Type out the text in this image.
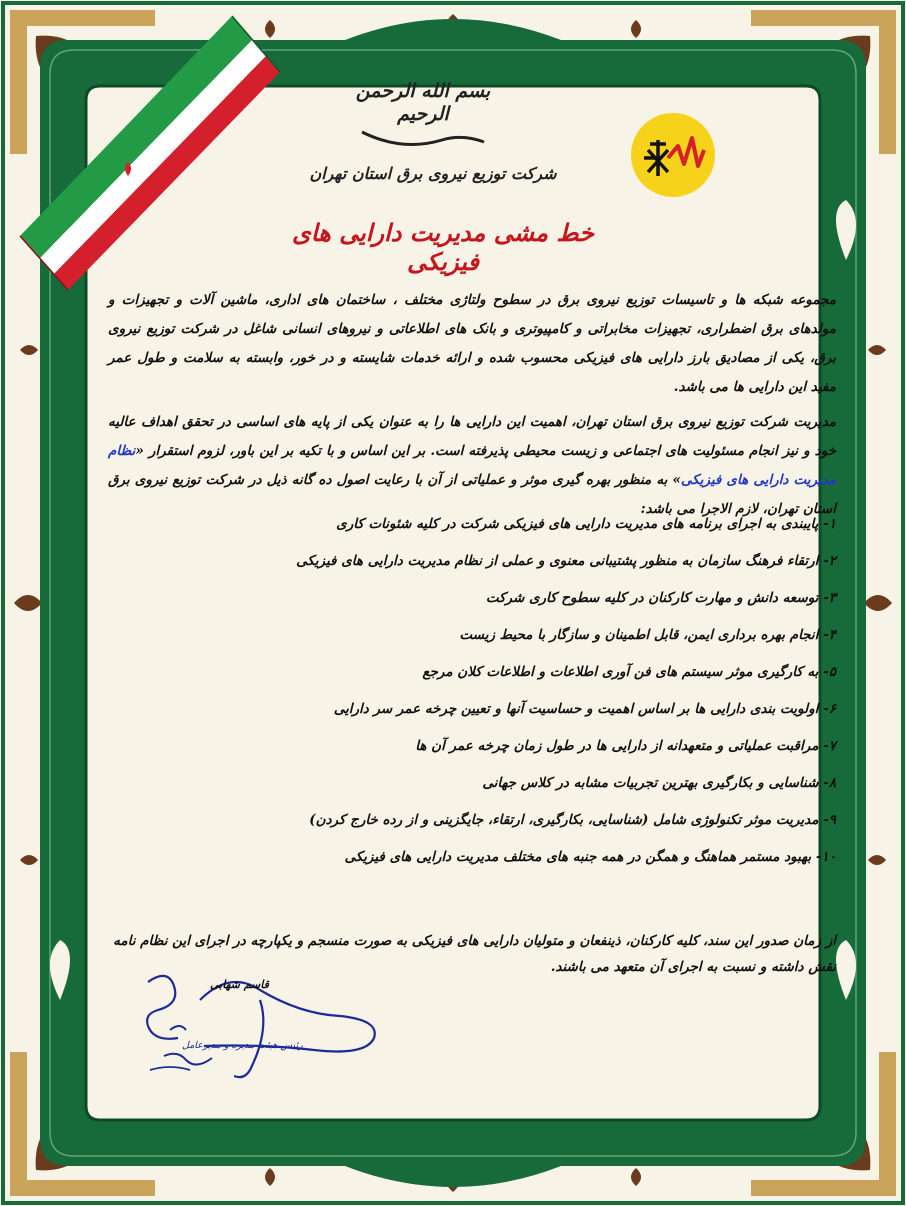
بسم الله الرحمن الرحیم
شرکت توزیع نیروی برق استان تهران
خط مشی مدیریت دارایی های فیزیکی

مجموعه شبکه ها و تاسیسات توزیع نیروی برق در سطوح ولتاژی مختلف ، ساختمان های اداری، ماشین آلات و تجهیزات و مولدهای برق اضطراری، تجهیزات مخابراتی و کامپیوتری و بانک های اطلاعاتی و نیروهای انسانی شاغل در شرکت توزیع نیروی برق، یکی از مصادیق بارز دارایی های فیزیکی محسوب شده و ارائه خدمات شایسته و در خور، وابسته به سلامت و طول عمر مفید این دارایی ها می باشد.

مدیریت شرکت توزیع نیروی برق استان تهران، اهمیت این دارایی ها را به عنوان یکی از پایه های اساسی در تحقق اهداف عالیه خود و نیز انجام مسئولیت های اجتماعی و زیست محیطی پذیرفته است. بر این اساس و با تکیه بر این باور، لزوم استقرار «نظام مدیریت دارایی های فیزیکی» به منظور بهره گیری موثر و عملیاتی از آن با رعایت اصول ده گانه ذیل در شرکت توزیع نیروی برق استان تهران، لازم الاجرا می باشد:

۱- پایبندی به اجرای برنامه های مدیریت دارایی های فیزیکی شرکت در کلیه شئونات کاری
۲- ارتقاء فرهنگ سازمان به منظور پشتیبانی معنوی و عملی از نظام مدیریت دارایی های فیزیکی
۳- توسعه دانش و مهارت کارکنان در کلیه سطوح کاری شرکت
۴- انجام بهره برداری ایمن، قابل اطمینان و سازگار با محیط زیست
۵- به کارگیری موثر سیستم های فن آوری اطلاعات و اطلاعات کلان مرجع
۶- اولویت بندی دارایی ها بر اساس اهمیت و حساسیت آنها و تعیین چرخه عمر سر دارایی
۷- مراقبت عملیاتی و متعهدانه از دارایی ها در طول زمان چرخه عمر آن ها
۸- شناسایی و بکارگیری بهترین تجربیات مشابه در کلاس جهانی
۹- مدیریت موثر تکنولوژی شامل (شناسایی، بکارگیری، ارتقاء، جایگزینی و از رده خارج کردن)
۱۰- بهبود مستمر هماهنگ و همگن در همه جنبه های مختلف مدیریت دارایی های فیزیکی
از زمان صدور این سند، کلیه کارکنان، ذینفعان و متولیان دارایی های فیزیکی به صورت منسجم و یکپارچه در اجرای این نظام نامه نقش داشته و نسبت به اجرای آن متعهد می باشند.
قاسم شهابی
رئیس هیئت مدیره و مدیرعامل
